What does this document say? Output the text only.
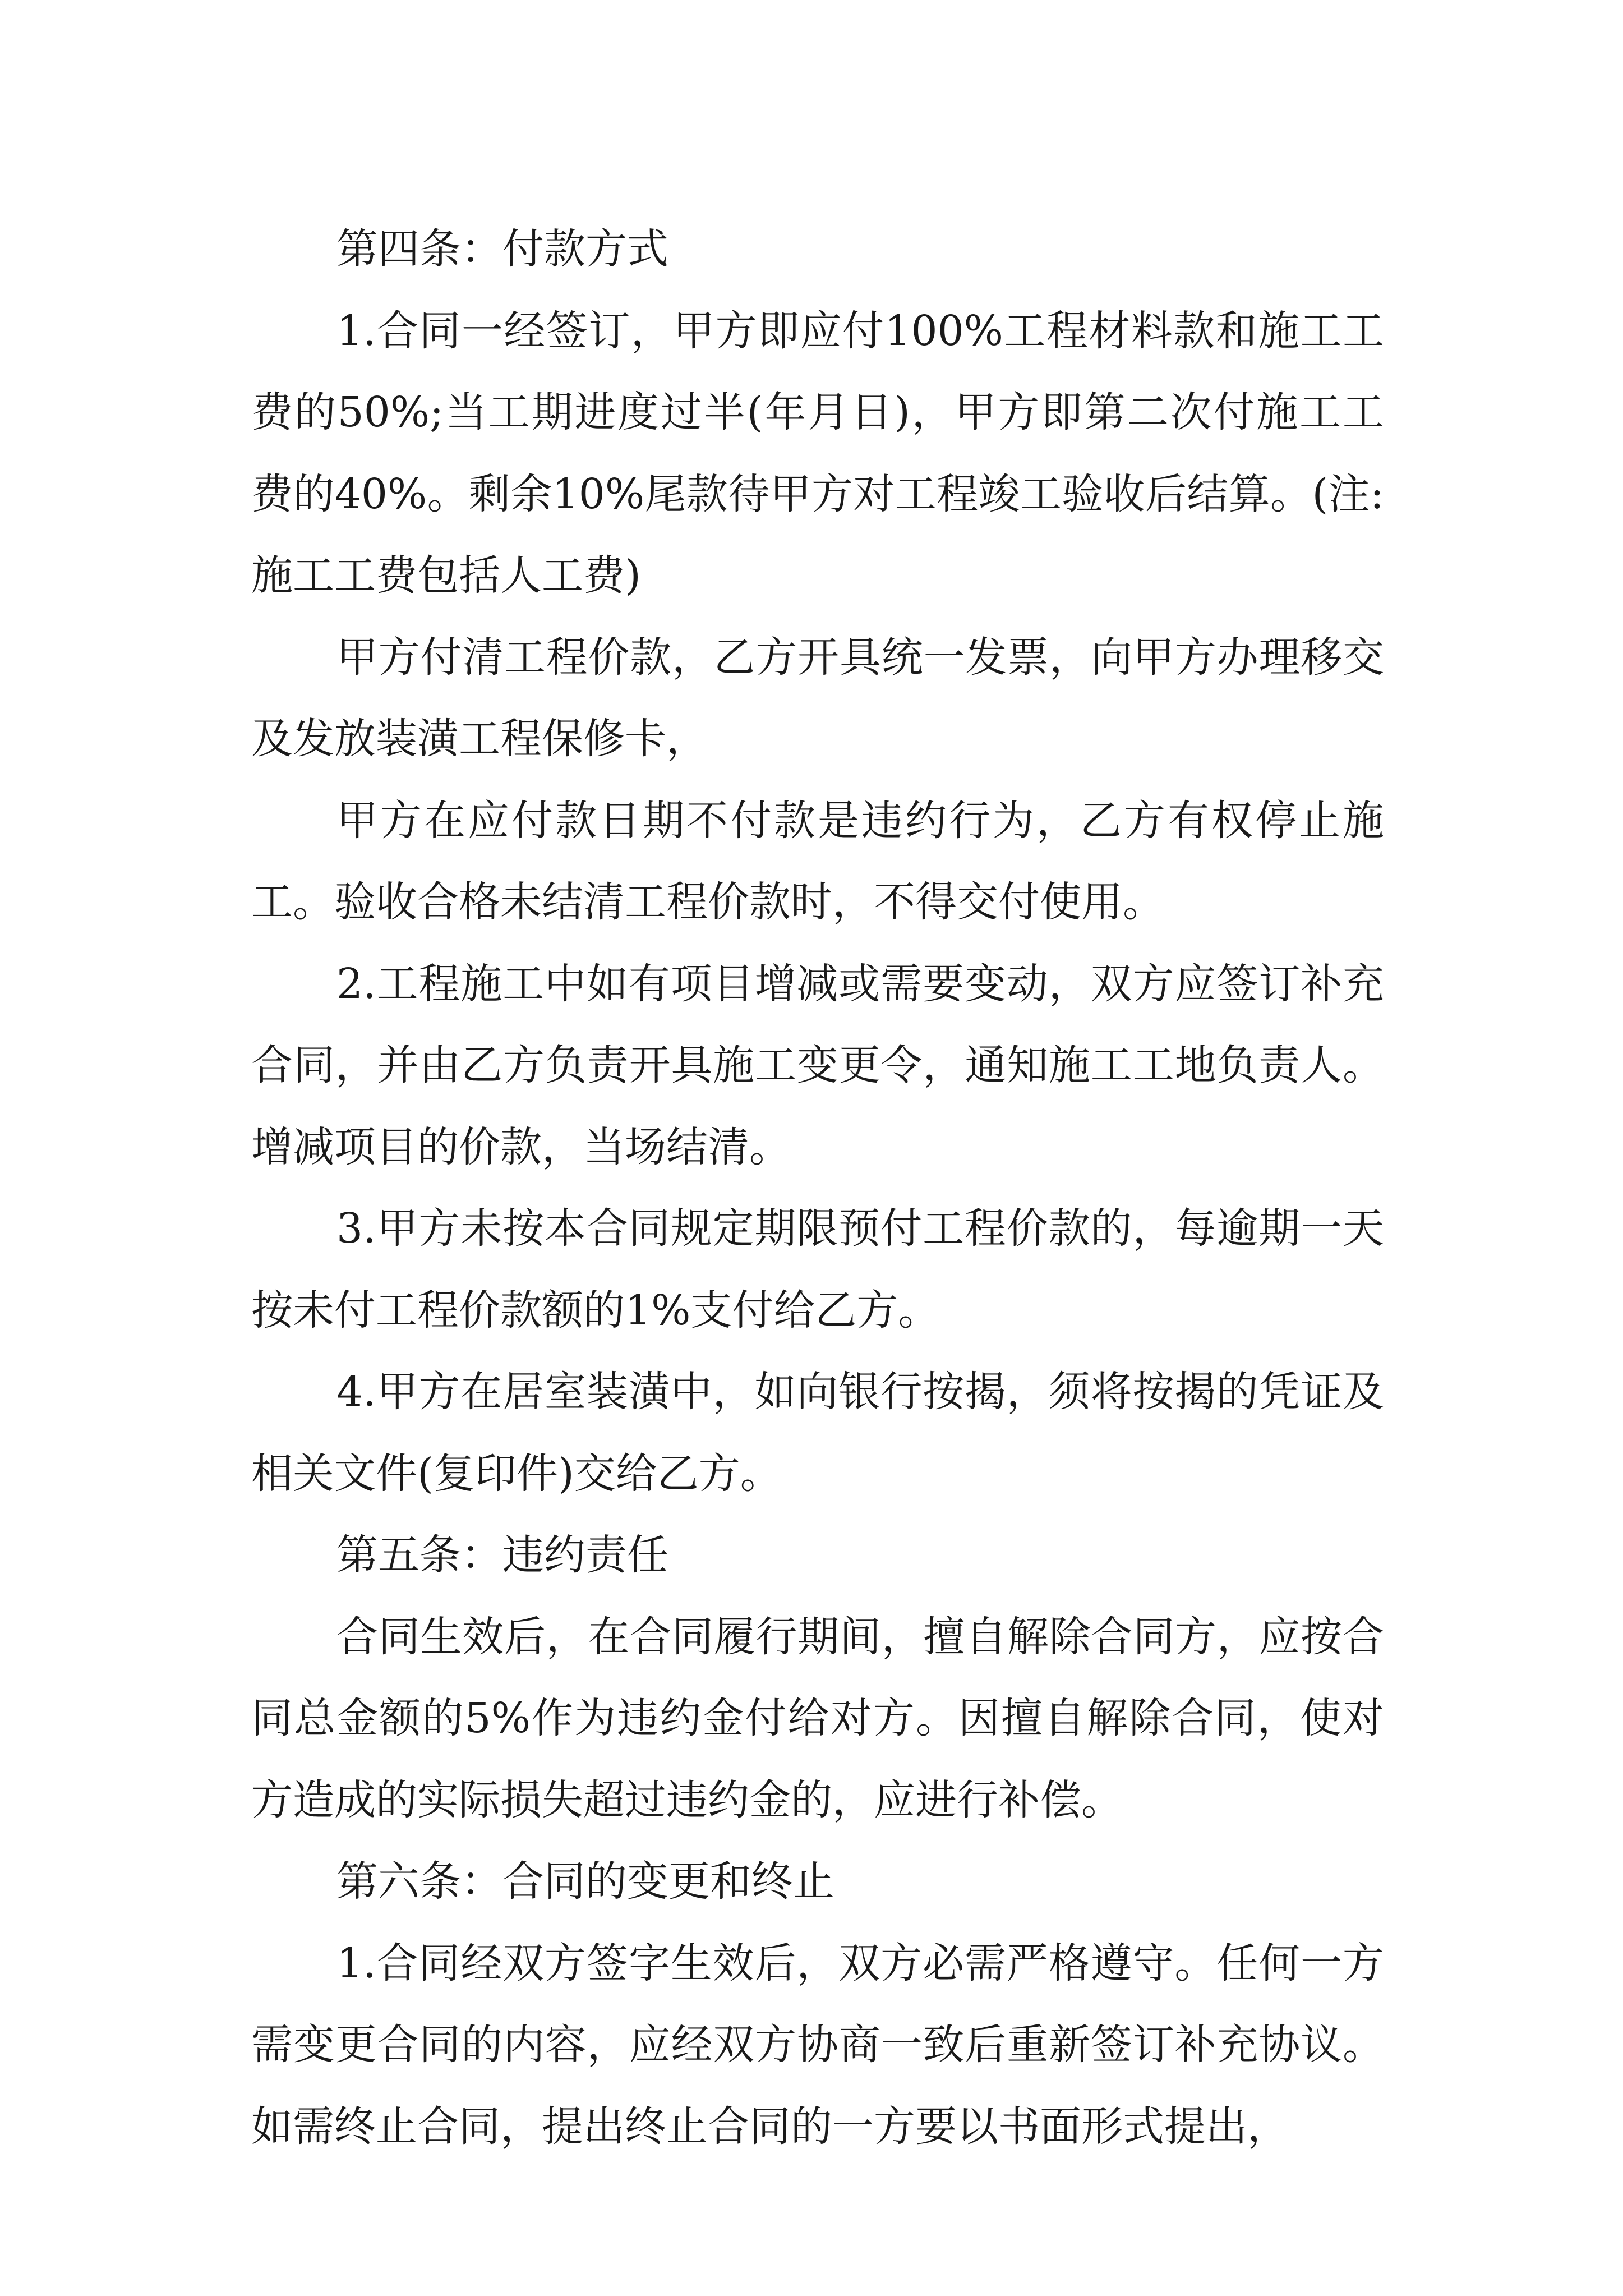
第四条：付款方式

1.合同一经签订，甲方即应付100%工程材料款和施工工费的50%;当工期进度过半(年月日)，甲方即第二次付施工工费的40%。剩余10%尾款待甲方对工程竣工验收后结算。(注:施工工费包括人工费)

甲方付清工程价款，乙方开具统一发票，向甲方办理移交及发放装潢工程保修卡，

甲方在应付款日期不付款是违约行为，乙方有权停止施工。验收合格未结清工程价款时，不得交付使用。

2.工程施工中如有项目增减或需要变动，双方应签订补充合同，并由乙方负责开具施工变更令，通知施工工地负责人。增减项目的价款，当场结清。

3.甲方未按本合同规定期限预付工程价款的，每逾期一天按未付工程价款额的1%支付给乙方。

4.甲方在居室装潢中，如向银行按揭，须将按揭的凭证及相关文件(复印件)交给乙方。

第五条：违约责任

合同生效后，在合同履行期间，擅自解除合同方，应按合同总金额的5%作为违约金付给对方。因擅自解除合同，使对方造成的实际损失超过违约金的，应进行补偿。

第六条：合同的变更和终止

1.合同经双方签字生效后，双方必需严格遵守。任何一方需变更合同的内容，应经双方协商一致后重新签订补充协议。如需终止合同，提出终止合同的一方要以书面形式提出，
